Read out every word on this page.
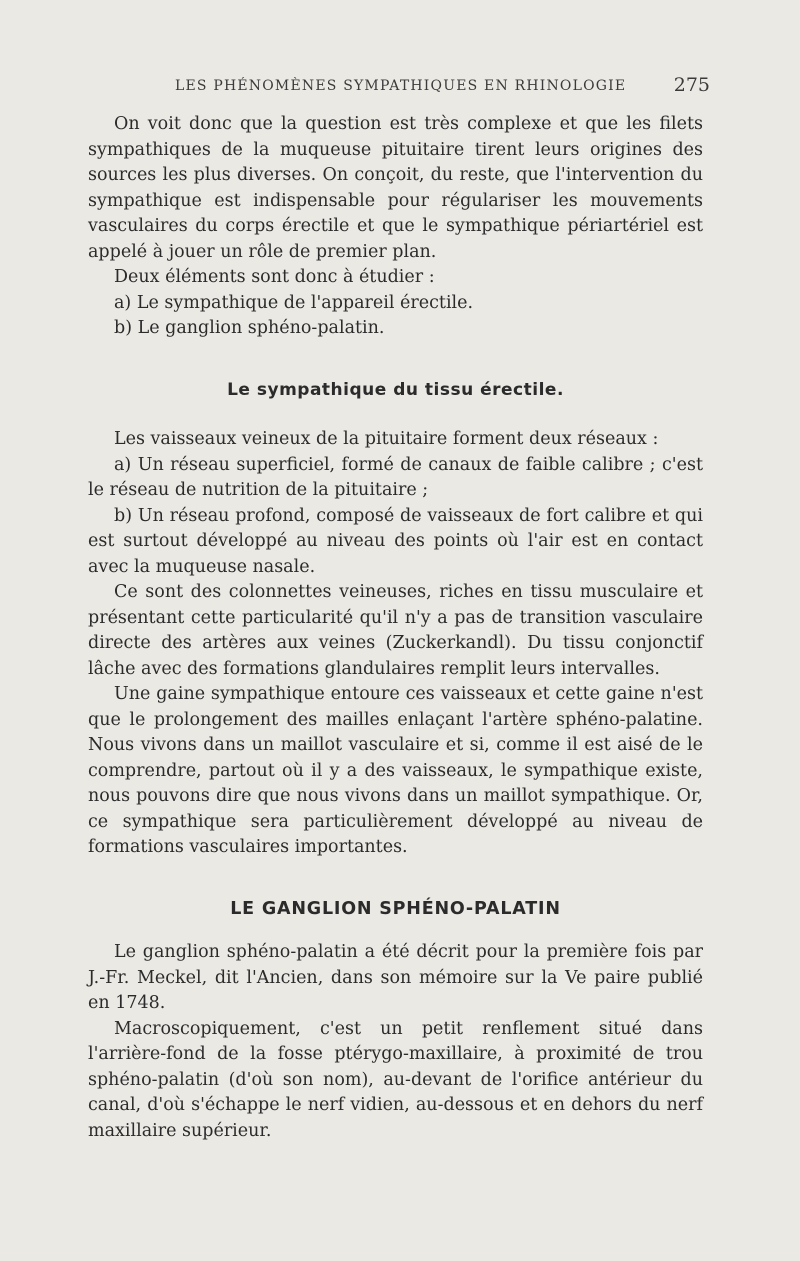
LES PHÉNOMÈNES SYMPATHIQUES EN RHINOLOGIE 275

On voit donc que la question est très complexe et que les filets sympathiques de la muqueuse pituitaire tirent leurs origines des sources les plus diverses. On conçoit, du reste, que l'intervention du sympathique est indispensable pour régulariser les mouvements vasculaires du corps érectile et que le sympathique périartériel est appelé à jouer un rôle de premier plan.

Deux éléments sont donc à étudier :

a) Le sympathique de l'appareil érectile.

b) Le ganglion sphéno-palatin.

Le sympathique du tissu érectile.

Les vaisseaux veineux de la pituitaire forment deux réseaux :

a) Un réseau superficiel, formé de canaux de faible calibre ; c'est le réseau de nutrition de la pituitaire ;

b) Un réseau profond, composé de vaisseaux de fort calibre et qui est surtout développé au niveau des points où l'air est en contact avec la muqueuse nasale.

Ce sont des colonnettes veineuses, riches en tissu musculaire et présentant cette particularité qu'il n'y a pas de transition vasculaire directe des artères aux veines (Zuckerkandl). Du tissu conjonctif lâche avec des formations glandulaires remplit leurs intervalles.

Une gaine sympathique entoure ces vaisseaux et cette gaine n'est que le prolongement des mailles enlaçant l'artère sphéno-palatine. Nous vivons dans un maillot vasculaire et si, comme il est aisé de le comprendre, partout où il y a des vaisseaux, le sympathique existe, nous pouvons dire que nous vivons dans un maillot sympathique. Or, ce sympathique sera particulièrement développé au niveau de formations vasculaires importantes.

LE GANGLION SPHÉNO-PALATIN

Le ganglion sphéno-palatin a été décrit pour la première fois par J.-Fr. Meckel, dit l'Ancien, dans son mémoire sur la Ve paire publié en 1748.

Macroscopiquement, c'est un petit renflement situé dans l'arrière-fond de la fosse ptérygo-maxillaire, à proximité de trou sphéno-palatin (d'où son nom), au-devant de l'orifice antérieur du canal, d'où s'échappe le nerf vidien, au-dessous et en dehors du nerf maxillaire supérieur.
